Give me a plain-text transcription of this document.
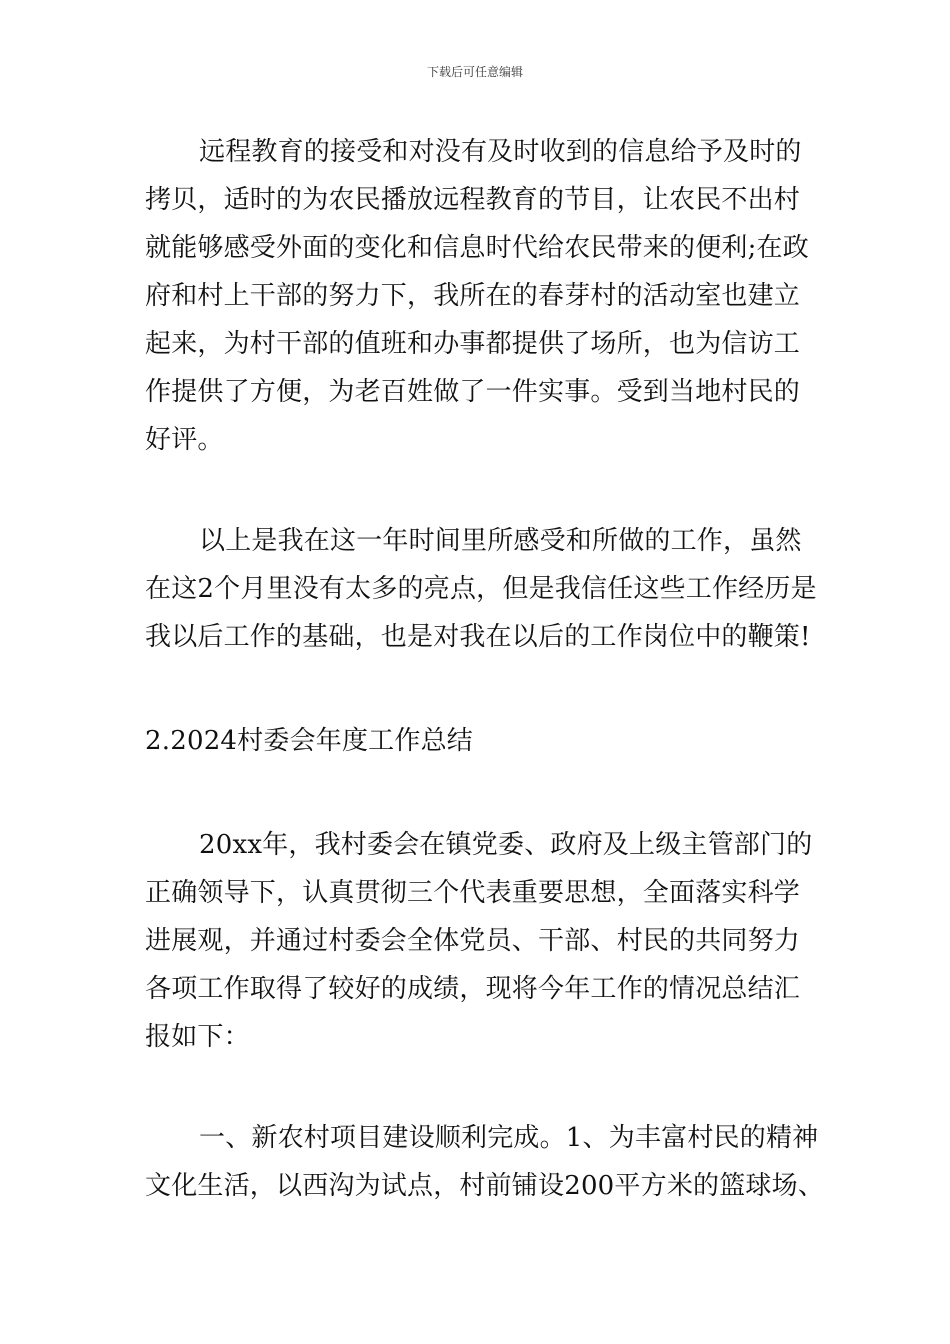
下载后可任意编辑
远程教育的接受和对没有及时收到的信息给予及时的
拷贝，适时的为农民播放远程教育的节目，让农民不出村
就能够感受外面的变化和信息时代给农民带来的便利;在政
府和村上干部的努力下，我所在的春芽村的活动室也建立
起来，为村干部的值班和办事都提供了场所，也为信访工
作提供了方便，为老百姓做了一件实事。受到当地村民的
好评。
以上是我在这一年时间里所感受和所做的工作，虽然
在这2个月里没有太多的亮点，但是我信任这些工作经历是
我以后工作的基础，也是对我在以后的工作岗位中的鞭策!
2.2024村委会年度工作总结
20xx年，我村委会在镇党委、政府及上级主管部门的
正确领导下，认真贯彻三个代表重要思想，全面落实科学
进展观，并通过村委会全体党员、干部、村民的共同努力
各项工作取得了较好的成绩，现将今年工作的情况总结汇
报如下：
一、新农村项目建设顺利完成。1、为丰富村民的精神
文化生活，以西沟为试点，村前铺设200平方米的篮球场、
